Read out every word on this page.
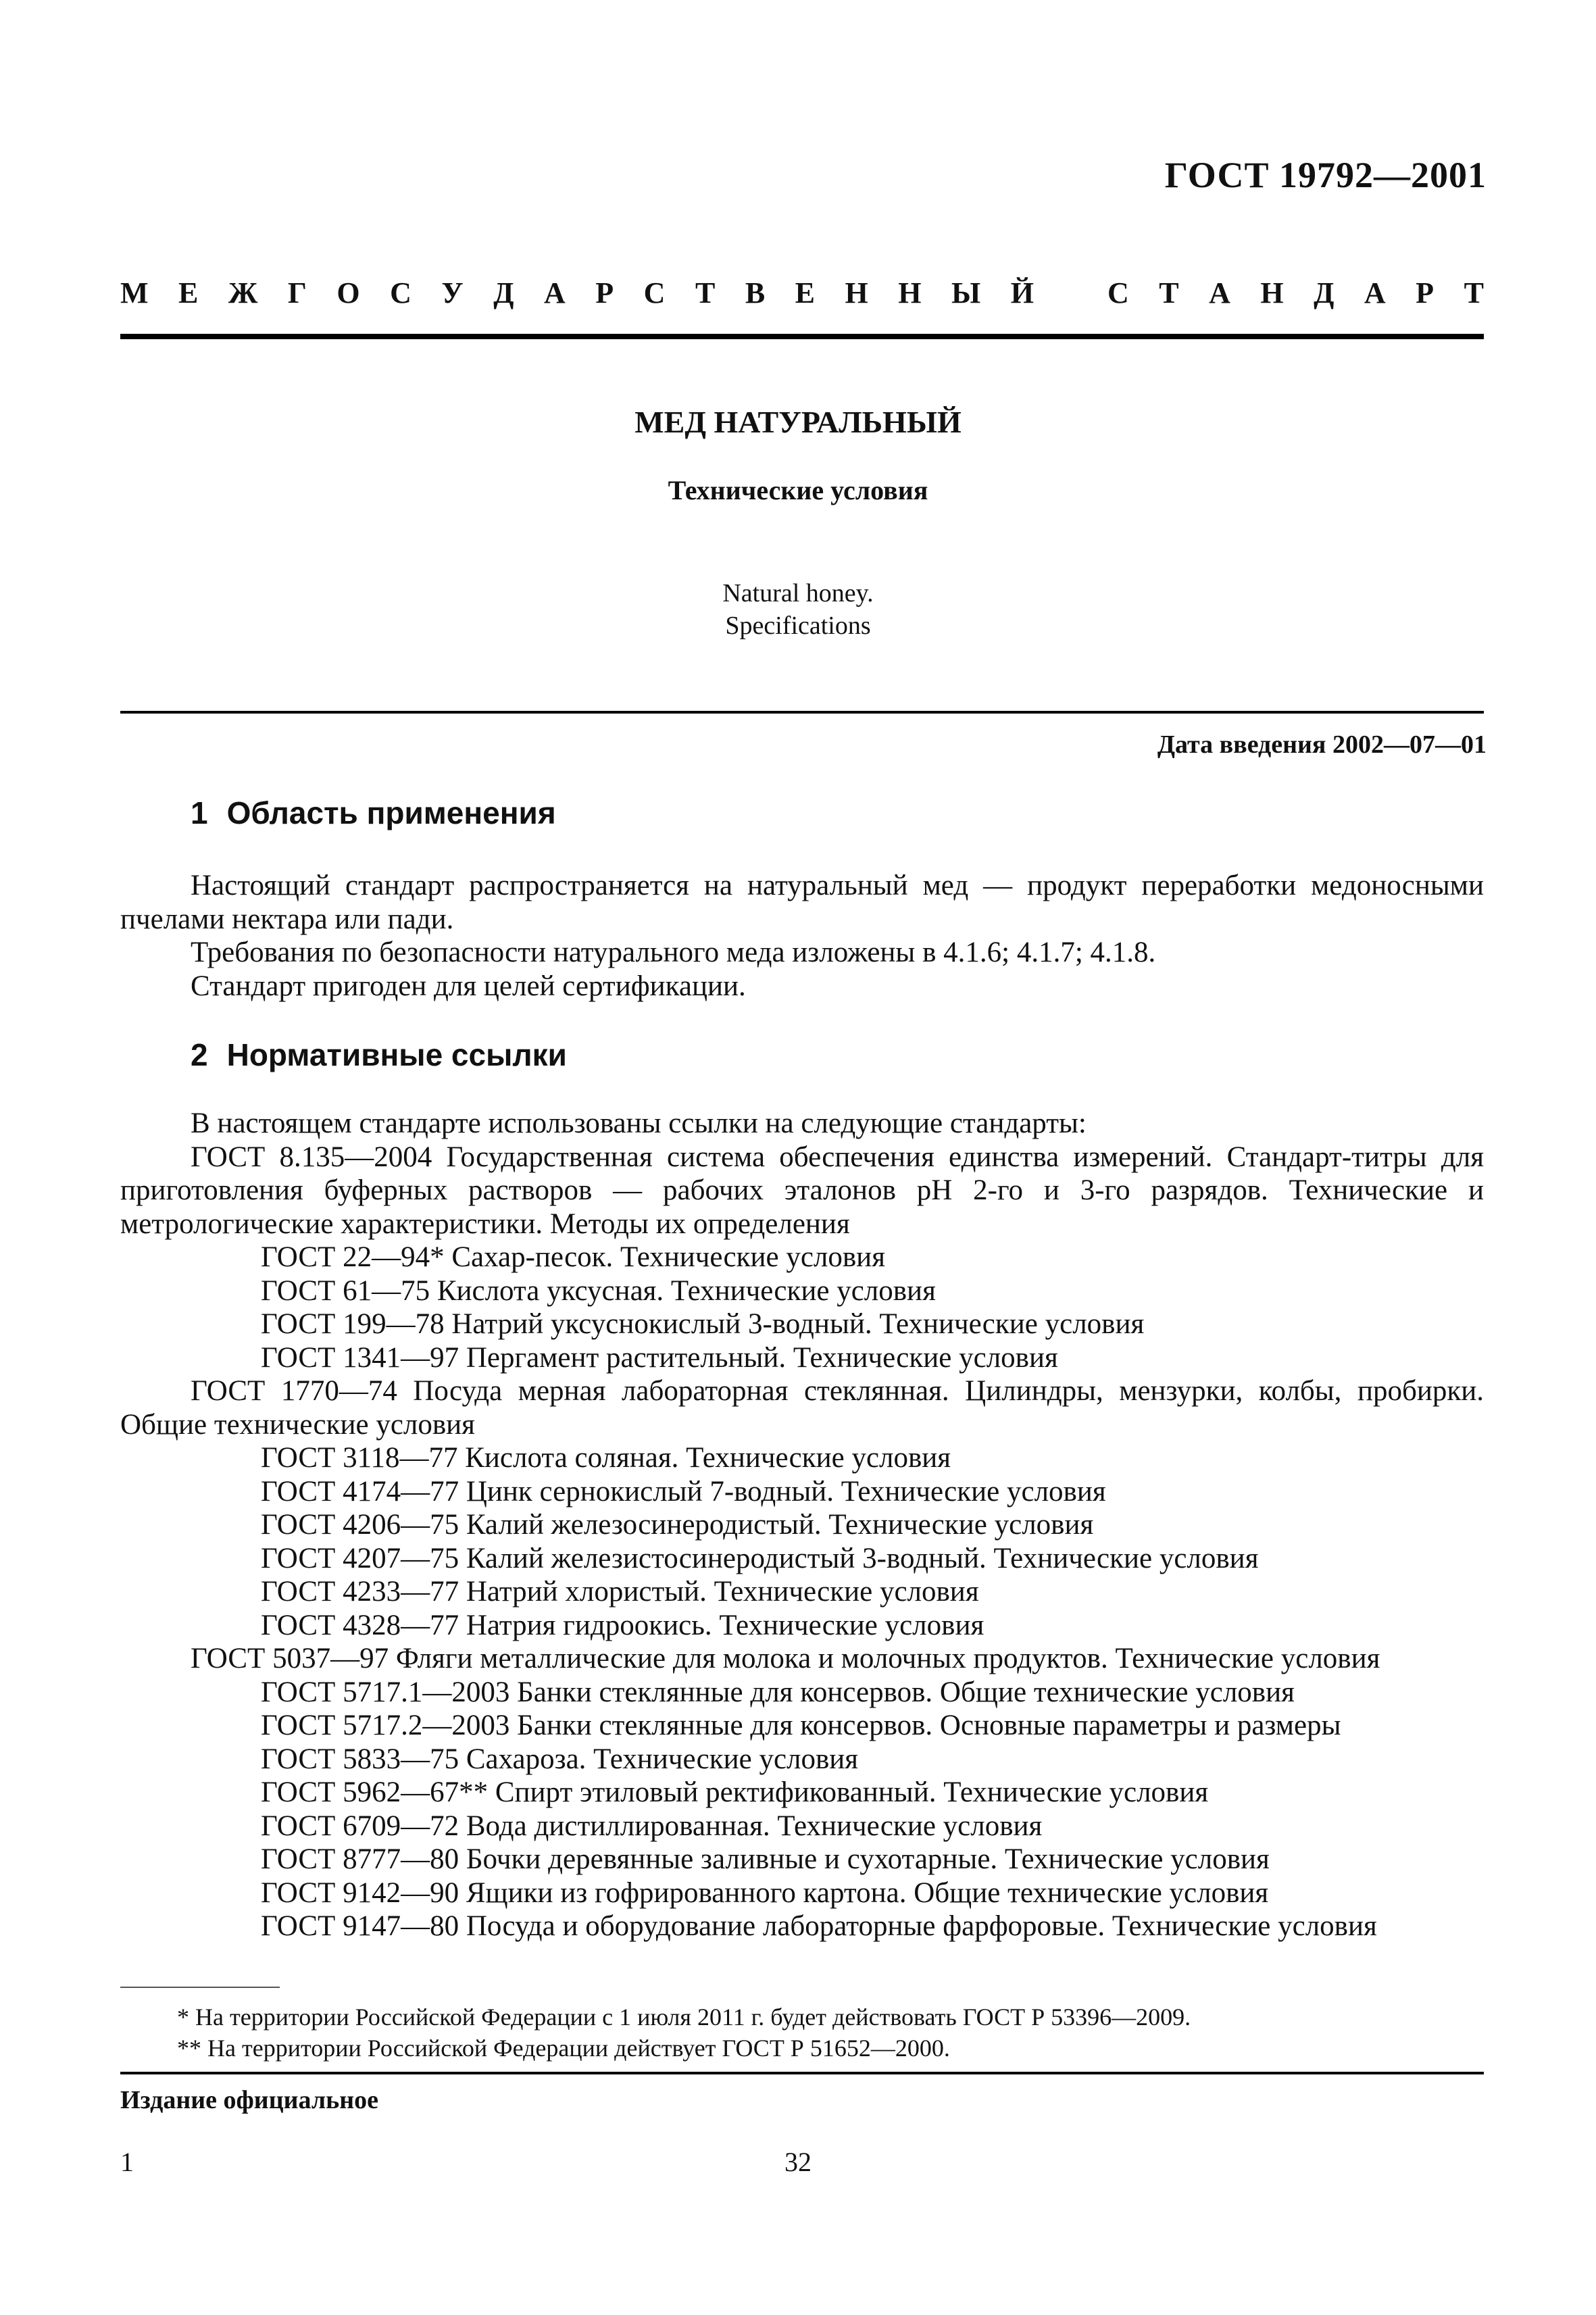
ГОСТ 19792—2001
М Е Ж Г О С У Д А Р С Т В Е Н Н Ы Й С Т А Н Д А Р Т
МЕД НАТУРАЛЬНЫЙ
Технические условия
Natural honey.
Specifications
Дата введения 2002—07—01
1 Область применения

Настоящий стандарт распространяется на натуральный мед — продукт переработки медоносными пчелами нектара или пади.

Требования по безопасности натурального меда изложены в 4.1.6; 4.1.7; 4.1.8.

Стандарт пригоден для целей сертификации.

2 Нормативные ссылки

В настоящем стандарте использованы ссылки на следующие стандарты:

ГОСТ 8.135—2004 Государственная система обеспечения единства измерений. Стандарт-титры для приготовления буферных растворов — рабочих эталонов рН 2-го и 3-го разрядов. Технические и метрологические характеристики. Методы их определения

ГОСТ 22—94* Сахар-песок. Технические условия

ГОСТ 61—75 Кислота уксусная. Технические условия

ГОСТ 199—78 Натрий уксуснокислый 3-водный. Технические условия

ГОСТ 1341—97 Пергамент растительный. Технические условия

ГОСТ 1770—74 Посуда мерная лабораторная стеклянная. Цилиндры, мензурки, колбы, пробирки. Общие технические условия

ГОСТ 3118—77 Кислота соляная. Технические условия

ГОСТ 4174—77 Цинк сернокислый 7-водный. Технические условия

ГОСТ 4206—75 Калий железосинеродистый. Технические условия

ГОСТ 4207—75 Калий железистосинеродистый 3-водный. Технические условия

ГОСТ 4233—77 Натрий хлористый. Технические условия

ГОСТ 4328—77 Натрия гидроокись. Технические условия

ГОСТ 5037—97 Фляги металлические для молока и молочных продуктов. Технические условия

ГОСТ 5717.1—2003 Банки стеклянные для консервов. Общие технические условия

ГОСТ 5717.2—2003 Банки стеклянные для консервов. Основные параметры и размеры

ГОСТ 5833—75 Сахароза. Технические условия

ГОСТ 5962—67** Спирт этиловый ректификованный. Технические условия

ГОСТ 6709—72 Вода дистиллированная. Технические условия

ГОСТ 8777—80 Бочки деревянные заливные и сухотарные. Технические условия

ГОСТ 9142—90 Ящики из гофрированного картона. Общие технические условия

ГОСТ 9147—80 Посуда и оборудование лабораторные фарфоровые. Технические условия

* На территории Российской Федерации с 1 июля 2011 г. будет действовать ГОСТ Р 53396—2009.

** На территории Российской Федерации действует ГОСТ Р 51652—2000.

Издание официальное
1	32
